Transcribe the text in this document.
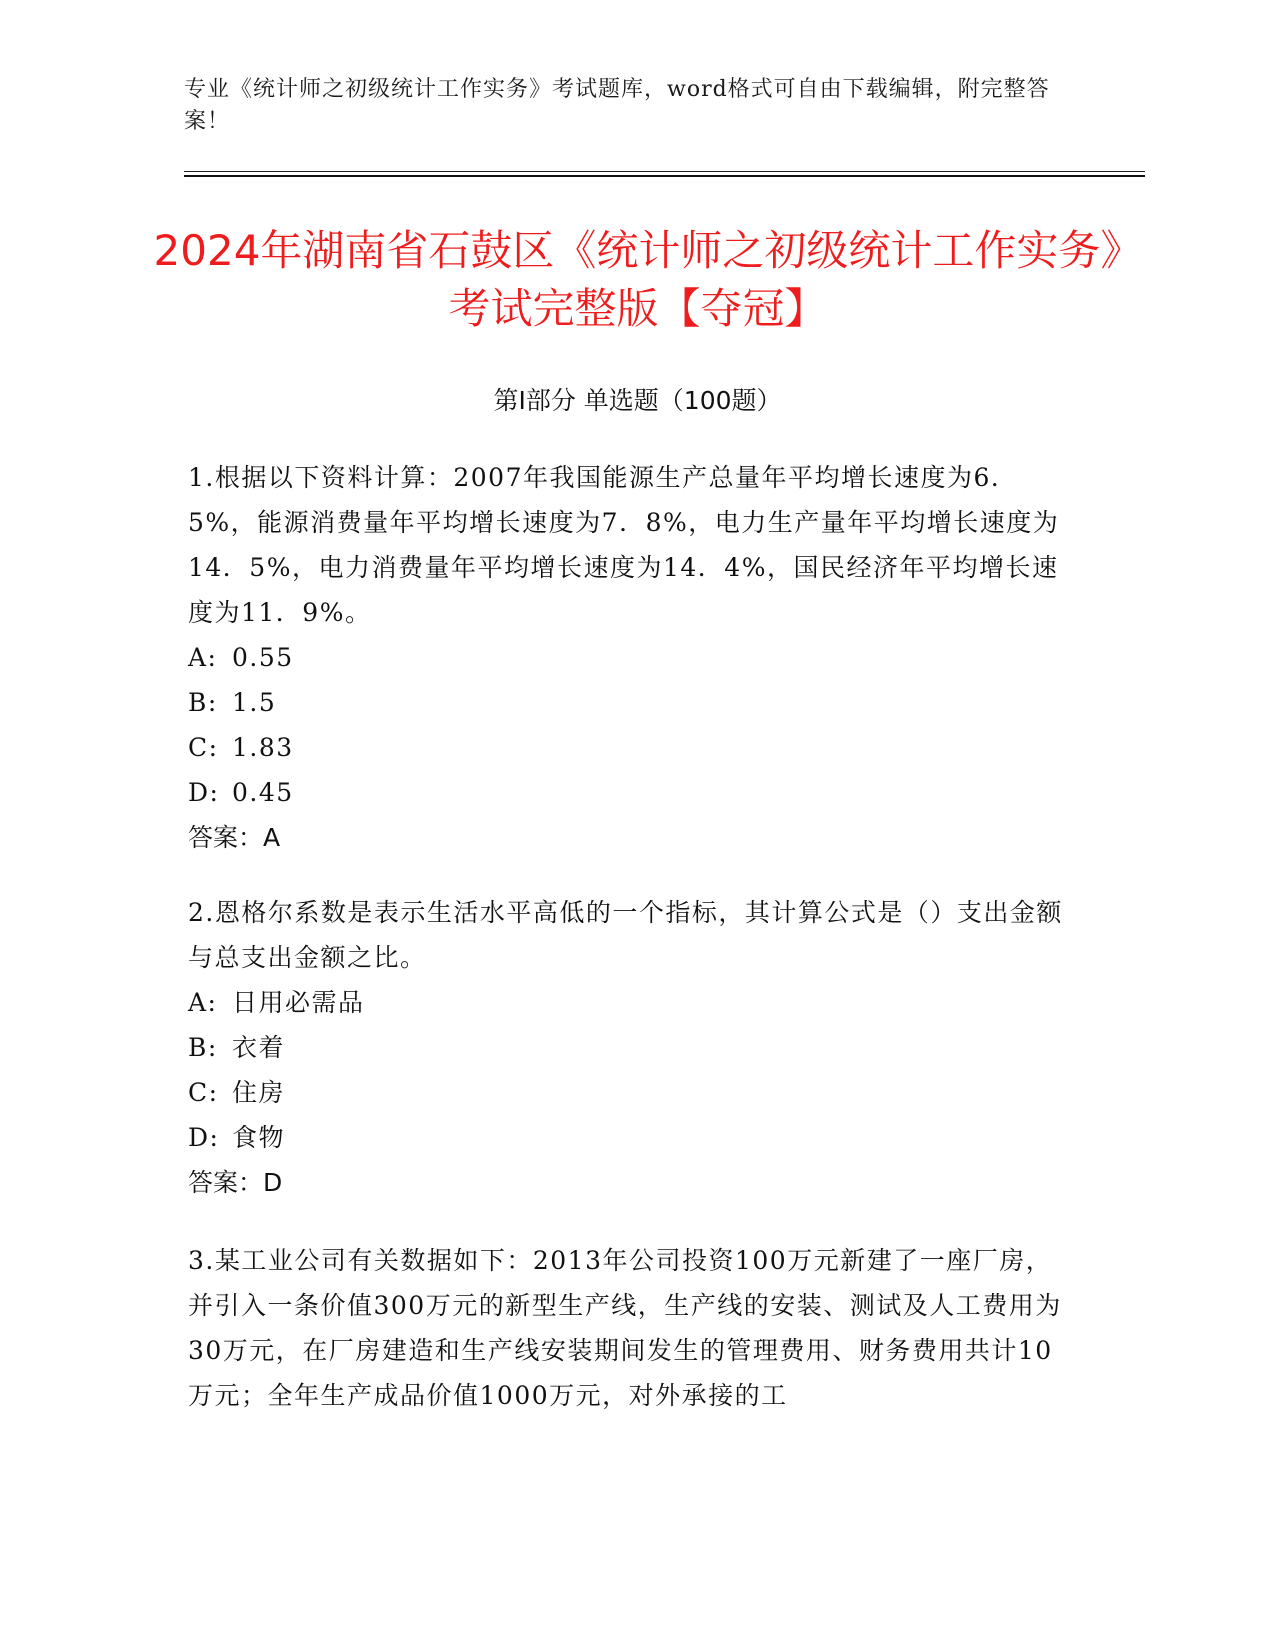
专业《统计师之初级统计工作实务》考试题库，word格式可自由下载编辑，附完整答案！
2024年湖南省石鼓区《统计师之初级统计工作实务》考试完整版【夺冠】
第I部分 单选题（100题）

1.根据以下资料计算：2007年我国能源生产总量年平均增长速度为6．5%，能源消费量年平均增长速度为7．8%，电力生产量年平均增长速度为14．5%，电力消费量年平均增长速度为14．4%，国民经济年平均增长速度为11．9%。

A: 0.55

B: 1.5

C: 1.83

D: 0.45

答案：A

2.恩格尔系数是表示生活水平高低的一个指标，其计算公式是（）支出金额与总支出金额之比。

A: 日用必需品

B: 衣着

C: 住房

D: 食物

答案：D

3.某工业公司有关数据如下：2013年公司投资100万元新建了一座厂房，并引入一条价值300万元的新型生产线，生产线的安装、测试及人工费用为30万元，在厂房建造和生产线安装期间发生的管理费用、财务费用共计10万元；全年生产成品价值1000万元，对外承接的工
